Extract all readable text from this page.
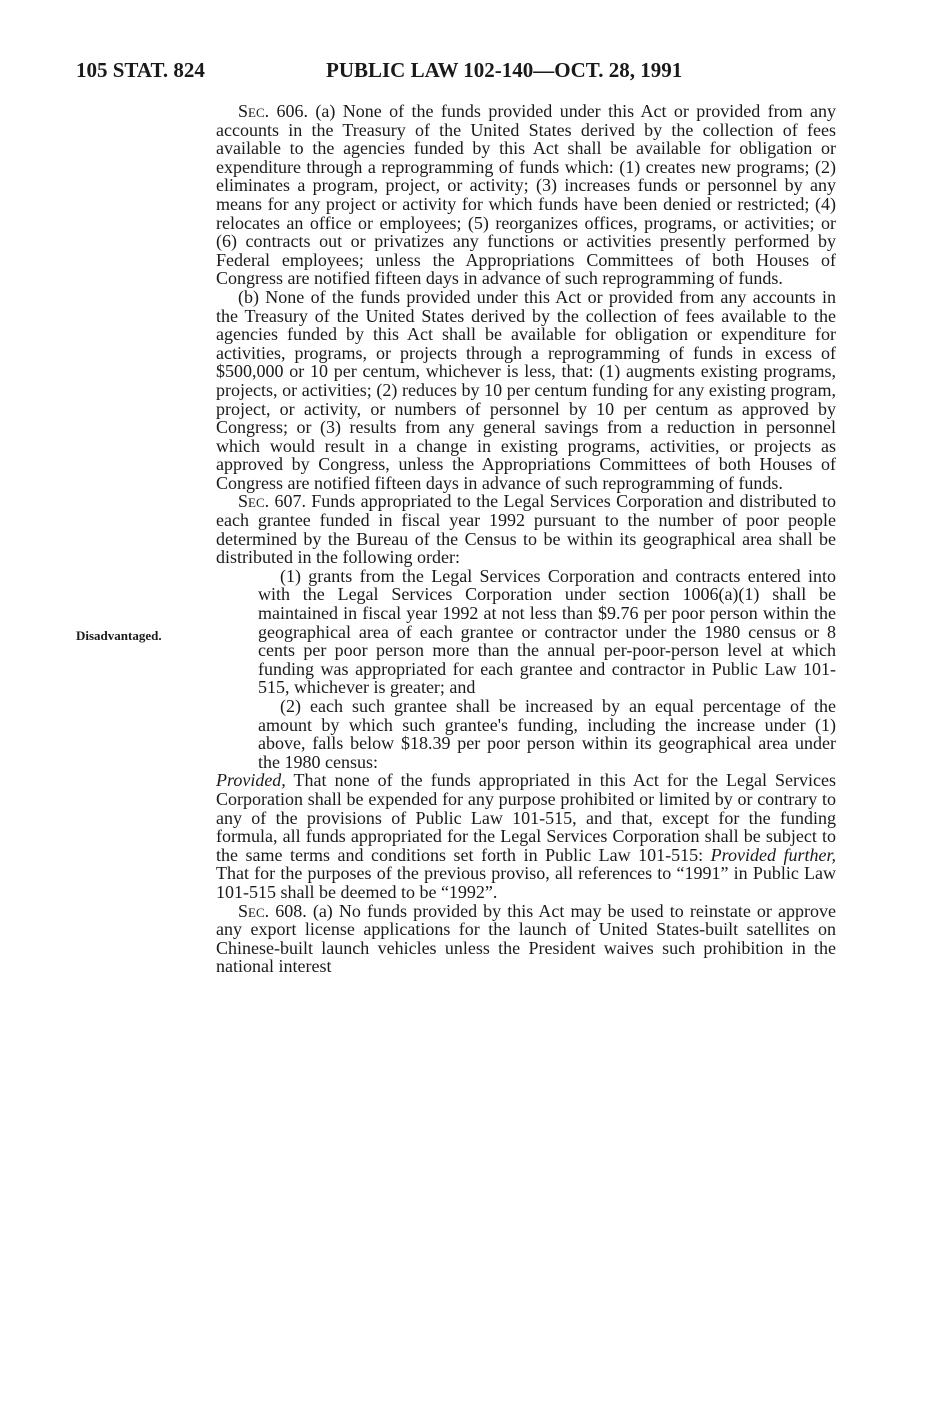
105 STAT. 824	PUBLIC LAW 102-140—OCT. 28, 1991
Disadvantaged.

Sec. 606. (a) None of the funds provided under this Act or provided from any accounts in the Treasury of the United States derived by the collection of fees available to the agencies funded by this Act shall be available for obligation or expenditure through a reprogramming of funds which: (1) creates new programs; (2) eliminates a program, project, or activity; (3) increases funds or personnel by any means for any project or activity for which funds have been denied or restricted; (4) relocates an office or employees; (5) reorganizes offices, programs, or activities; or (6) contracts out or privatizes any functions or activities presently performed by Federal employees; unless the Appropriations Committees of both Houses of Congress are notified fifteen days in advance of such reprogramming of funds.

(b) None of the funds provided under this Act or provided from any accounts in the Treasury of the United States derived by the collection of fees available to the agencies funded by this Act shall be available for obligation or expenditure for activities, programs, or projects through a reprogramming of funds in excess of $500,000 or 10 per centum, whichever is less, that: (1) augments existing programs, projects, or activities; (2) reduces by 10 per centum funding for any existing program, project, or activity, or numbers of personnel by 10 per centum as approved by Congress; or (3) results from any general savings from a reduction in personnel which would result in a change in existing programs, activities, or projects as approved by Congress, unless the Appropriations Committees of both Houses of Congress are notified fifteen days in advance of such reprogramming of funds.

Sec. 607. Funds appropriated to the Legal Services Corporation and distributed to each grantee funded in fiscal year 1992 pursuant to the number of poor people determined by the Bureau of the Census to be within its geographical area shall be distributed in the following order:

(1) grants from the Legal Services Corporation and contracts entered into with the Legal Services Corporation under section 1006(a)(1) shall be maintained in fiscal year 1992 at not less than $9.76 per poor person within the geographical area of each grantee or contractor under the 1980 census or 8 cents per poor person more than the annual per-poor-person level at which funding was appropriated for each grantee and contractor in Public Law 101-515, whichever is greater; and

(2) each such grantee shall be increased by an equal percentage of the amount by which such grantee's funding, including the increase under (1) above, falls below $18.39 per poor person within its geographical area under the 1980 census:

Provided, That none of the funds appropriated in this Act for the Legal Services Corporation shall be expended for any purpose prohibited or limited by or contrary to any of the provisions of Public Law 101-515, and that, except for the funding formula, all funds appropriated for the Legal Services Corporation shall be subject to the same terms and conditions set forth in Public Law 101-515: Provided further, That for the purposes of the previous proviso, all references to “1991” in Public Law 101-515 shall be deemed to be “1992”.

Sec. 608. (a) No funds provided by this Act may be used to reinstate or approve any export license applications for the launch of United States-built satellites on Chinese-built launch vehicles unless the President waives such prohibition in the national interest
